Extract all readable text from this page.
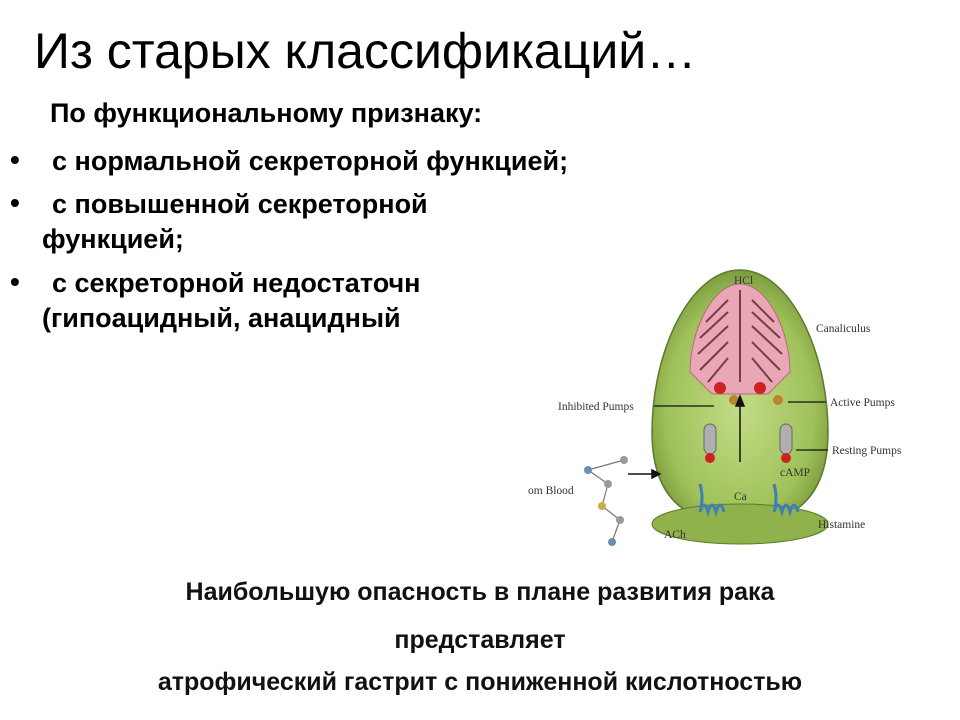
Из старых классификаций…
По функциональному признаку:
• с нормальной секреторной функцией;
• с повышенной секреторной
функцией;
• с секреторной недостаточн
(гипоацидный, анацидный
HCl
Canaliculus
Inhibited Pumps	Active Pumps
Resting Pumps
cAMP
om Blood	Ca
ACh
Histamine
Наибольшую опасность в плане развития рака
представляет
атрофический гастрит с пониженной кислотностью
